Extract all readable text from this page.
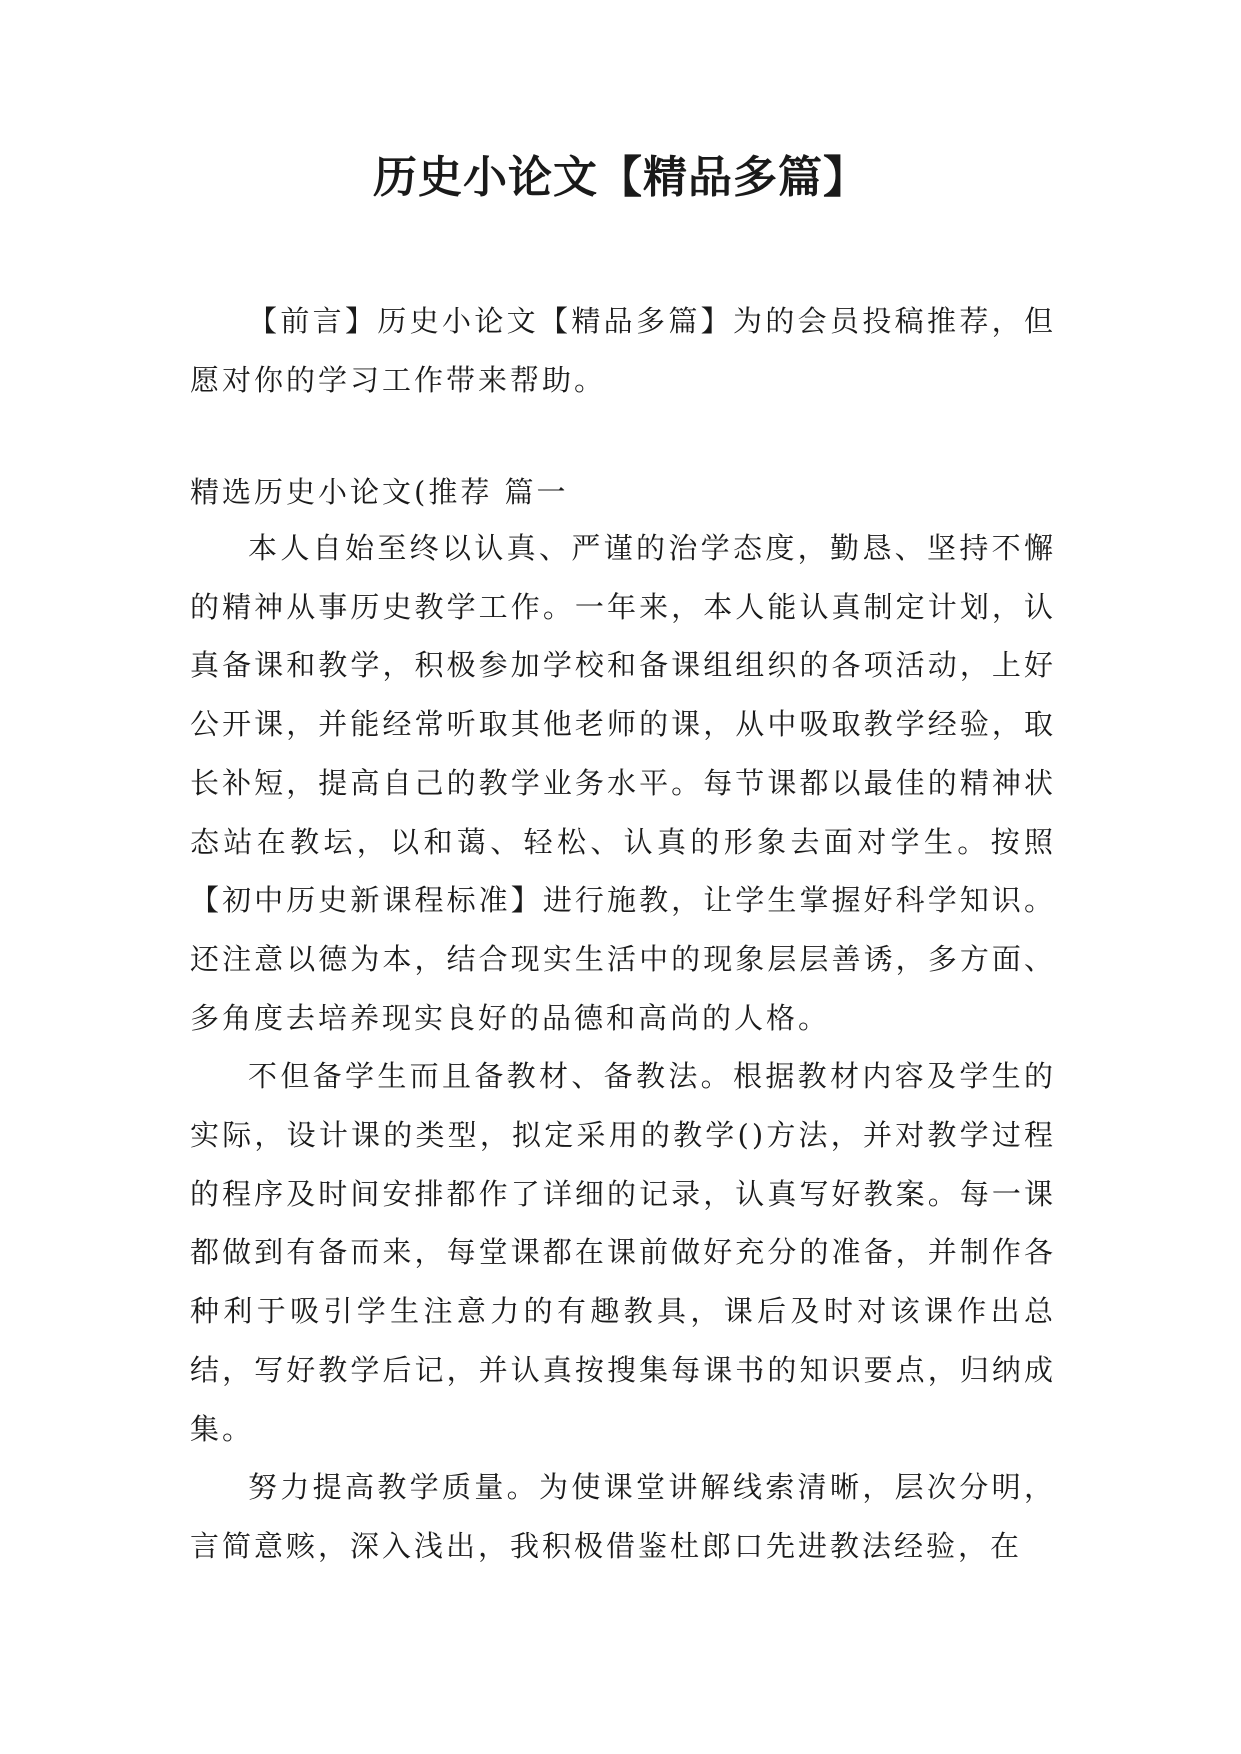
历史小论文【精品多篇】

【前言】历史小论文【精品多篇】为的会员投稿推荐，但愿对你的学习工作带来帮助。

精选历史小论文(推荐 篇一

本人自始至终以认真、严谨的治学态度，勤恳、坚持不懈的精神从事历史教学工作。一年来，本人能认真制定计划，认真备课和教学，积极参加学校和备课组组织的各项活动，上好公开课，并能经常听取其他老师的课，从中吸取教学经验，取长补短，提高自己的教学业务水平。每节课都以最佳的精神状态站在教坛，以和蔼、轻松、认真的形象去面对学生。按照【初中历史新课程标准】进行施教，让学生掌握好科学知识。还注意以德为本，结合现实生活中的现象层层善诱，多方面、多角度去培养现实良好的品德和高尚的人格。

不但备学生而且备教材、备教法。根据教材内容及学生的实际，设计课的类型，拟定采用的教学()方法，并对教学过程的程序及时间安排都作了详细的记录，认真写好教案。每一课都做到有备而来，每堂课都在课前做好充分的准备，并制作各种利于吸引学生注意力的有趣教具，课后及时对该课作出总结，写好教学后记，并认真按搜集每课书的知识要点，归纳成集。

努力提高教学质量。为使课堂讲解线索清晰，层次分明，言简意赅，深入浅出，我积极借鉴杜郎口先进教法经验，在
